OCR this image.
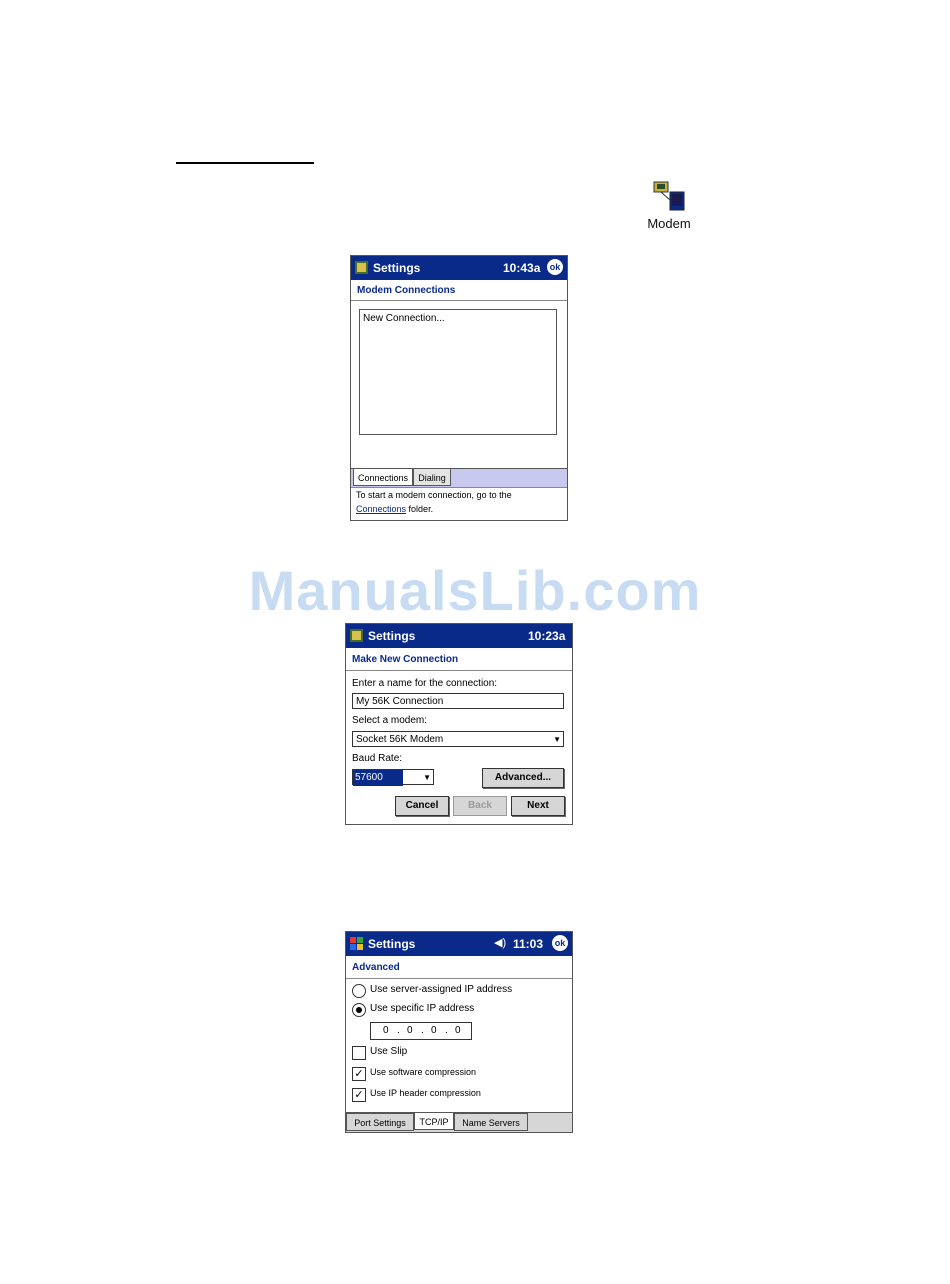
Modem
Settings	10:43a	ok
Modem Connections
New Connection...
Connections	Dialing
To start a modem connection, go to the
Connections folder.
ManualsLib.com
Settings	10:23a
Make New Connection
Enter a name for the connection:
My 56K Connection
Select a modem:
Socket 56K Modem	▼
Baud Rate:
57600	▼	Advanced...
Cancel	Back	Next
Settings	◀) 11:03	ok
Advanced
Use server-assigned IP address
Use specific IP address
0 . 0 . 0 . 0
Use Slip
✓ Use software compression
✓ Use IP header compression
Port Settings	TCP/IP	Name Servers
